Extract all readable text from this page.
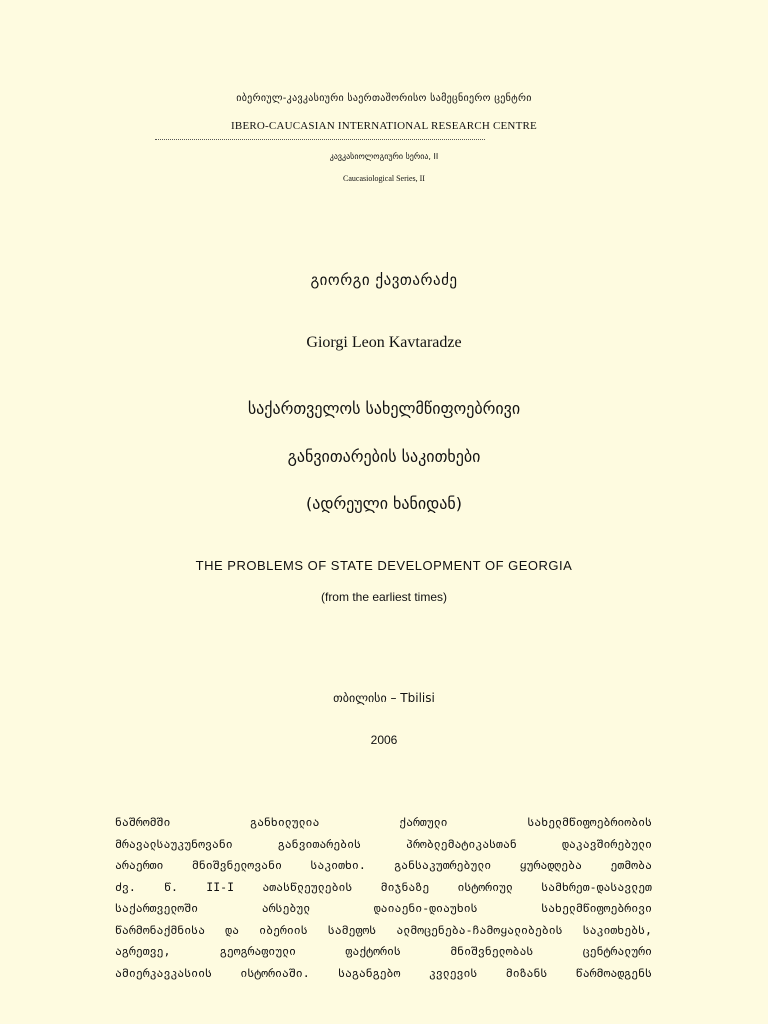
იბერიულ-კავკასიური საერთაშორისო სამეცნიერო ცენტრი
IBERO-CAUCASIAN INTERNATIONAL RESEARCH CENTRE
კავკასიოლოგიური სერია, II
Caucasiological Series, II
გიორგი ქავთარაძე
Giorgi Leon Kavtaradze
საქართველოს სახელმწიფოებრივი
განვითარების საკითხები
(ადრეული ხანიდან)
THE PROBLEMS OF STATE DEVELOPMENT OF GEORGIA
(from the earliest times)
თბილისი – Tbilisi
2006
ნაშრომში	განხილულია	ქართული	სახელმწიფოებრიობის
მრავალსაუკუნოვანი	განვითარების	პრობლემატიკასთან	დაკავშირებული
არაერთი მნიშვნელოვანი საკითხი. განსაკუთრებული ყურადღება ეთმობა
ძვ. წ. II-I ათასწლეულების მიჯნაზე ისტორიულ სამხრეთ-დასავლეთ
საქართველოში	არსებულ	დაიაენი-დიაუხის	სახელმწიფოებრივი
წარმონაქმნისა და იბერიის სამეფოს ალმოცენება-ჩამოყალიბების საკითხებს,
აგრეთვე,	გეოგრაფიული	ფაქტორის	მნიშვნელობას	ცენტრალური
ამიერკავკასიის ისტორიაში. საგანგებო კვლევის მიზანს წარმოადგენს
